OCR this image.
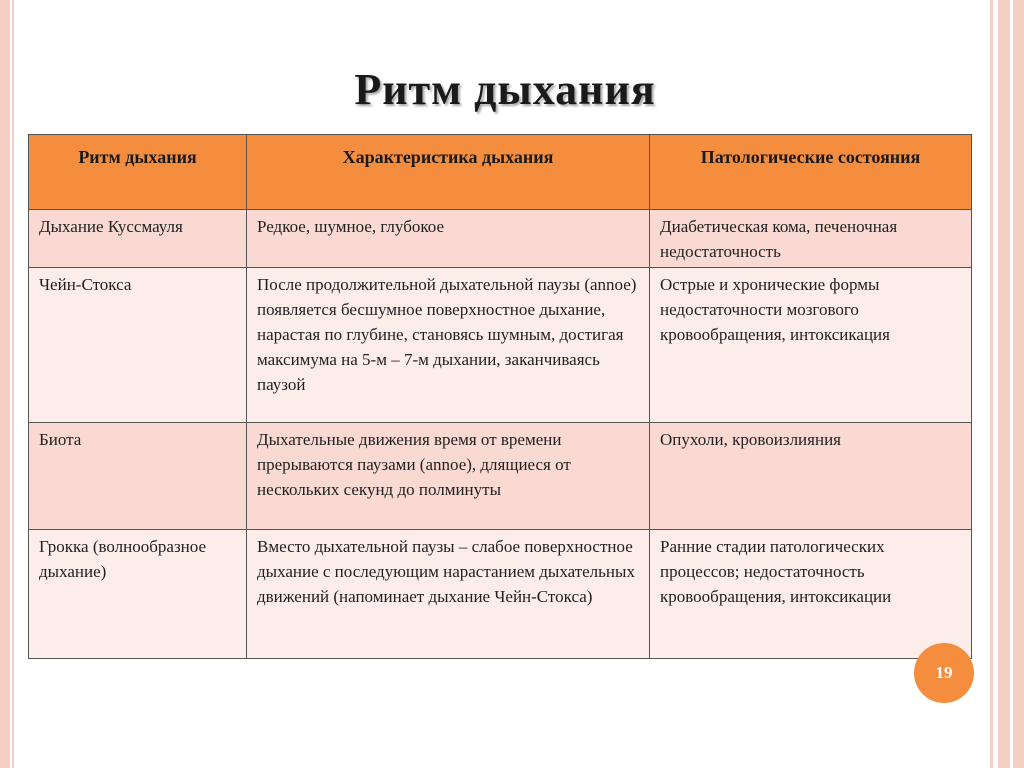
Ритм дыхания
Ритм дыхания	Характеристика дыхания	Патологические состояния
Дыхание Куссмауля	Редкое, шумное, глубокое	Диабетическая кома, печеночная недостаточность

Чейн-Стокса	После продолжительной дыхательной паузы (аnnое) появляется бесшумное поверхностное дыхание, нарастая по глубине, становясь шумным, достигая максимума на 5-м – 7-м дыхании, заканчиваясь паузой	Острые и хронические формы недостаточности мозгового кровообращения, интоксикация

Биота	Дыхательные движения время от времени прерываются паузами (аnnое), длящиеся от нескольких секунд до полминуты	Опухоли, кровоизлияния

Грокка (волнообразное дыхание)	Вместо дыхательной паузы – слабое поверхностное дыхание с последующим нарастанием дыхательных движений (напоминает дыхание Чейн-Стокса)	Ранние стадии патологических процессов; недостаточность кровообращения, интоксикации
19
